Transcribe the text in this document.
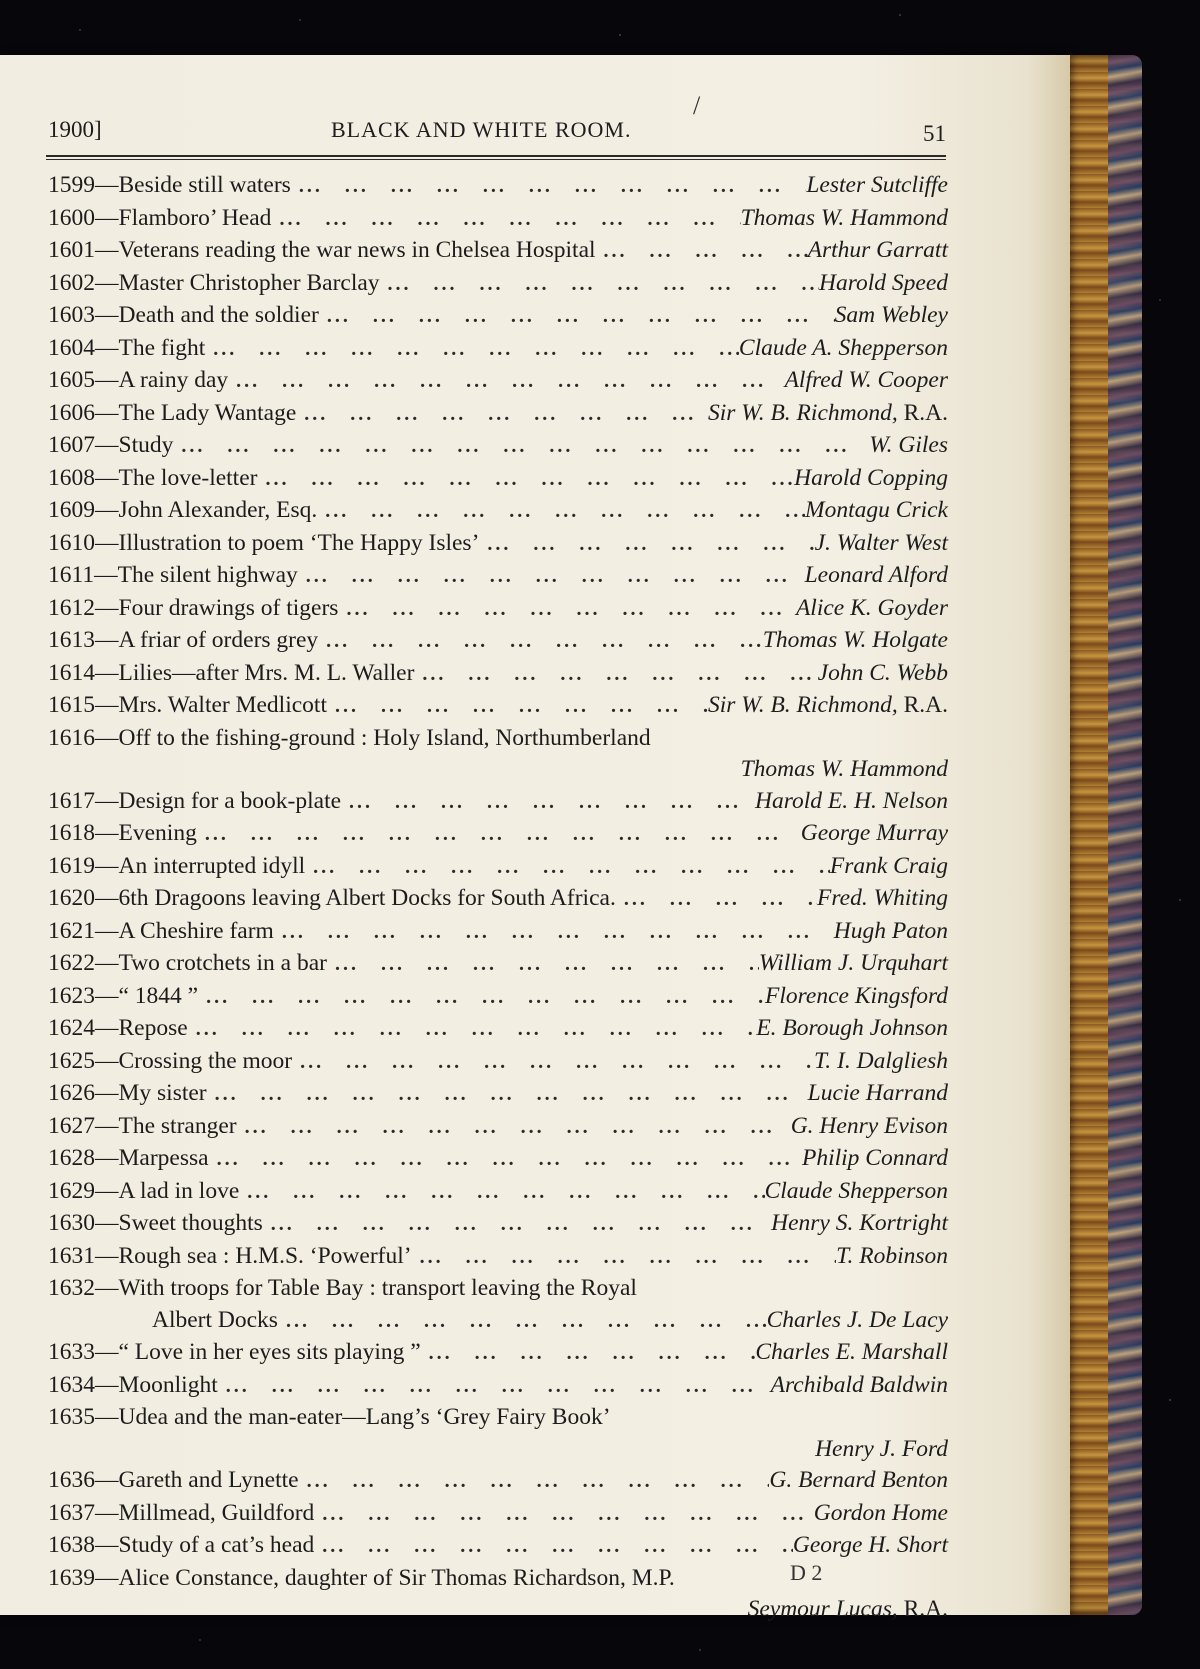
1900]	BLACK AND WHITE ROOM.
/
51
1599 —Beside still waters ... .	Lester Sutcliffe
1600 —Flamboro’ Head ... .	Thomas W. Hammond
1601 —Veterans reading the war news in Chelsea Hospital ... .	Arthur Garratt
1602 —Master Christopher Barclay ... .	Harold Speed
1603 —Death and the soldier ... .	Sam Webley
1604 —The fight ... .	Claude A. Shepperson
1605 —A rainy day ... .	Alfred W. Cooper
1606 —The Lady Wantage ... .	Sir W. B. Richmond, R.A.
1607 —Study ... .	W. Giles
1608 —The love-letter ... .	Harold Copping
1609 —John Alexander, Esq. ... .	Montagu Crick
1610 —Illustration to poem ‘The Happy Isles’ ... .	J. Walter West
1611 —The silent highway ... .	Leonard Alford
1612 —Four drawings of tigers ... .	Alice K. Goyder
1613 —A friar of orders grey ... .	Thomas W. Holgate
1614 —Lilies—after Mrs. M. L. Waller ... .	John C. Webb
1615 —Mrs. Walter Medlicott ... .	Sir W. B. Richmond, R.A.
1616 —Off to the fishing-ground : Holy Island, Northumberland
Thomas W. Hammond
1617 —Design for a book-plate ... .	Harold E. H. Nelson
1618 —Evening ... .	George Murray
1619 —An interrupted idyll ... .	Frank Craig
1620 —6th Dragoons leaving Albert Docks for South Africa. ... .	Fred. Whiting
1621 —A Cheshire farm ... .	Hugh Paton
1622 —Two crotchets in a bar ... .	William J. Urquhart
1623 —“ 1844 ” ... .	Florence Kingsford
1624 —Repose ... .	E. Borough Johnson
1625 —Crossing the moor ... .	T. I. Dalgliesh
1626 —My sister ... .	Lucie Harrand
1627 —The stranger ... .	G. Henry Evison
1628 —Marpessa ... .	Philip Connard
1629 —A lad in love ... .	Claude Shepperson
1630 —Sweet thoughts ... .	Henry S. Kortright
1631 —Rough sea : H.M.S. ‘Powerful’ ... .	T. Robinson
1632 —With troops for Table Bay : transport leaving the Royal
Albert Docks ... .	Charles J. De Lacy
1633 —“ Love in her eyes sits playing ” ... .	Charles E. Marshall
1634 —Moonlight ... .	Archibald Baldwin
1635 —Udea and the man-eater—Lang’s ‘Grey Fairy Book’
Henry J. Ford
1636 —Gareth and Lynette ... .	G. Bernard Benton
1637 —Millmead, Guildford ... .	Gordon Home
1638 —Study of a cat’s head ... .	George H. Short
1639 —Alice Constance, daughter of Sir Thomas Richardson, M.P.
Seymour Lucas, R.A.
D 2
